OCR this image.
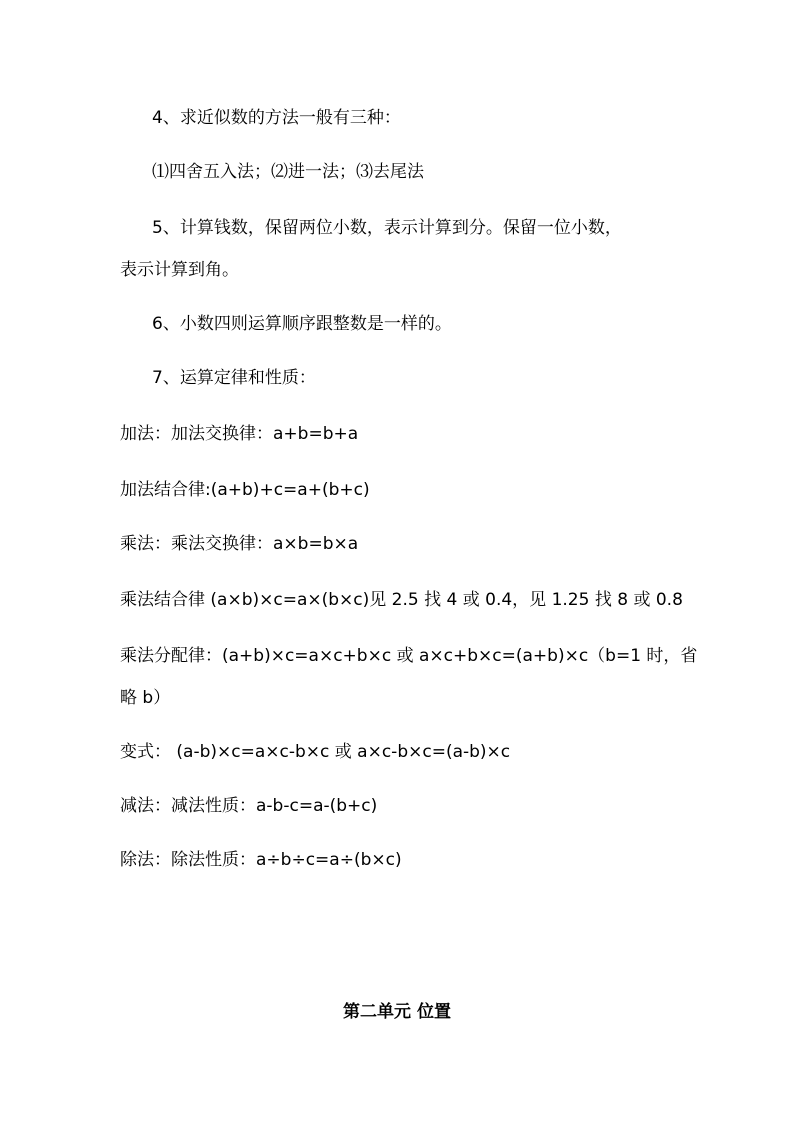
4、求近似数的方法一般有三种：
⑴四舍五入法；⑵进一法；⑶去尾法
5、计算钱数，保留两位小数，表示计算到分。保留一位小数，
表示计算到角。
6、小数四则运算顺序跟整数是一样的。
7、运算定律和性质：
加法：加法交换律：a+b=b+a
加法结合律:(a+b)+c=a+(b+c)
乘法：乘法交换律：a×b=b×a
乘法结合律 (a×b)×c=a×(b×c)见 2.5 找 4 或 0.4，见 1.25 找 8 或 0.8
乘法分配律：(a+b)×c=a×c+b×c 或 a×c+b×c=(a+b)×c（b=1 时，省
略 b）
变式： (a-b)×c=a×c-b×c 或 a×c-b×c=(a-b)×c
减法：减法性质：a-b-c=a-(b+c)
除法：除法性质：a÷b÷c=a÷(b×c)
第二单元 位置
